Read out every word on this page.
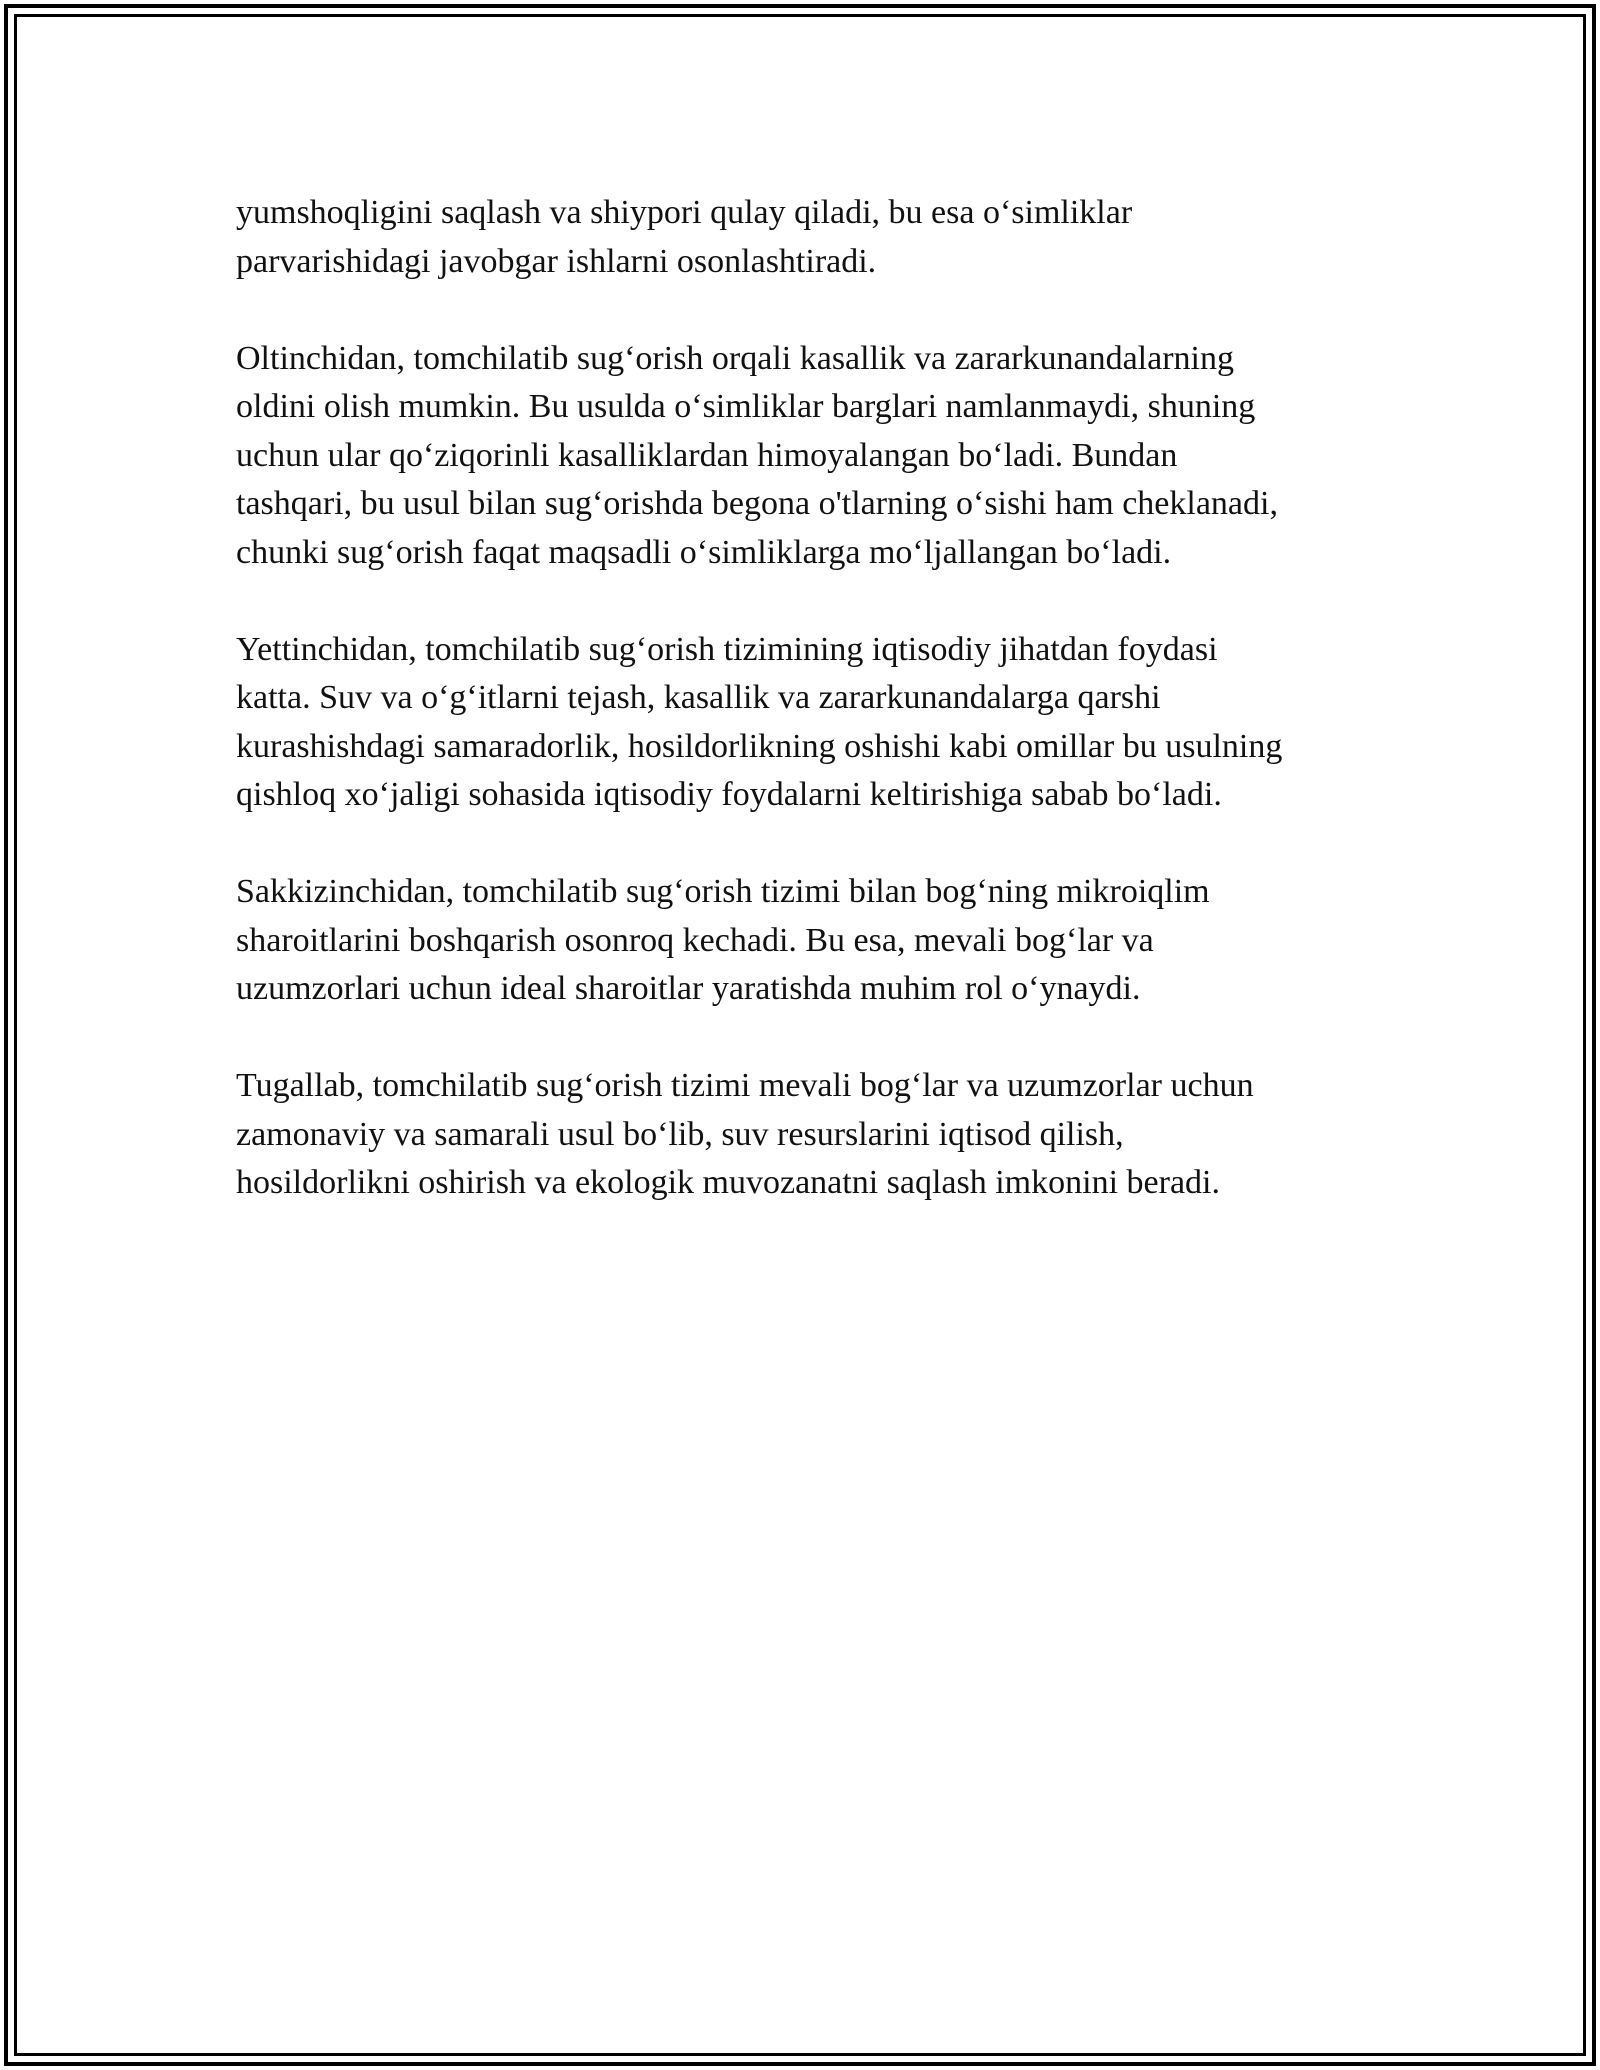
yumshoqligini saqlash va shiypori qulay qiladi, bu esa o‘simliklar
parvarishidagi javobgar ishlarni osonlashtiradi.

Oltinchidan, tomchilatib sug‘orish orqali kasallik va zararkunandalarning
oldini olish mumkin. Bu usulda o‘simliklar barglari namlanmaydi, shuning
uchun ular qo‘ziqorinli kasalliklardan himoyalangan bo‘ladi. Bundan
tashqari, bu usul bilan sug‘orishda begona o'tlarning o‘sishi ham cheklanadi,
chunki sug‘orish faqat maqsadli o‘simliklarga mo‘ljallangan bo‘ladi.

Yettinchidan, tomchilatib sug‘orish tizimining iqtisodiy jihatdan foydasi
katta. Suv va o‘g‘itlarni tejash, kasallik va zararkunandalarga qarshi
kurashishdagi samaradorlik, hosildorlikning oshishi kabi omillar bu usulning
qishloq xo‘jaligi sohasida iqtisodiy foydalarni keltirishiga sabab bo‘ladi.

Sakkizinchidan, tomchilatib sug‘orish tizimi bilan bog‘ning mikroiqlim
sharoitlarini boshqarish osonroq kechadi. Bu esa, mevali bog‘lar va
uzumzorlari uchun ideal sharoitlar yaratishda muhim rol o‘ynaydi.

Tugallab, tomchilatib sug‘orish tizimi mevali bog‘lar va uzumzorlar uchun
zamonaviy va samarali usul bo‘lib, suv resurslarini iqtisod qilish,
hosildorlikni oshirish va ekologik muvozanatni saqlash imkonini beradi.
